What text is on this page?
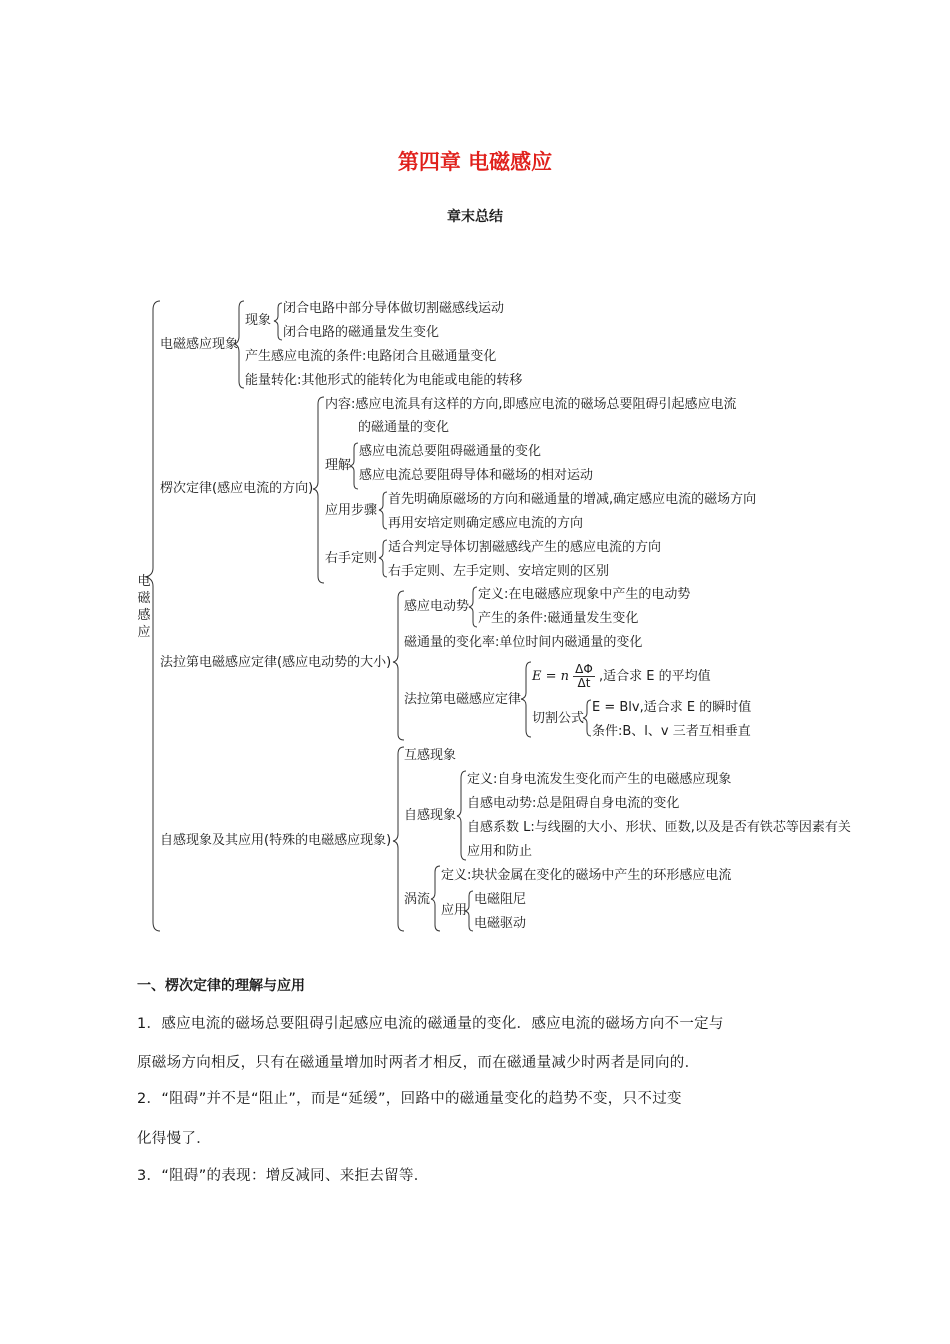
第四章 电磁感应
章末总结
电磁感应
电磁感应现象
现象
闭合电路中部分导体做切割磁感线运动
闭合电路的磁通量发生变化
产生感应电流的条件:电路闭合且磁通量变化
能量转化:其他形式的能转化为电能或电能的转移
楞次定律(感应电流的方向)
内容:感应电流具有这样的方向,即感应电流的磁场总要阻碍引起感应电流
的磁通量的变化
理解
感应电流总要阻碍磁通量的变化
感应电流总要阻碍导体和磁场的相对运动
应用步骤
首先明确原磁场的方向和磁通量的增减,确定感应电流的磁场方向
再用安培定则确定感应电流的方向
右手定则
适合判定导体切割磁感线产生的感应电流的方向
右手定则、左手定则、安培定则的区别
法拉第电磁感应定律(感应电动势的大小)
感应电动势
定义:在电磁感应现象中产生的电动势
产生的条件:磁通量发生变化
磁通量的变化率:单位时间内磁通量的变化
法拉第电磁感应定律
E = n $\frac{\Delta\Phi}{\Delta t}$ ,适合求 E 的平均值
切割公式
E = Blv,适合求 E 的瞬时值
条件:B、l、v 三者互相垂直
自感现象及其应用(特殊的电磁感应现象)
互感现象
自感现象
定义:自身电流发生变化而产生的电磁感应现象
自感电动势:总是阻碍自身电流的变化
自感系数 L:与线圈的大小、形状、匝数,以及是否有铁芯等因素有关
应用和防止
涡流
定义:块状金属在变化的磁场中产生的环形感应电流
应用
电磁阻尼
电磁驱动
一、楞次定律的理解与应用
1．感应电流的磁场总要阻碍引起感应电流的磁通量的变化．感应电流的磁场方向不一定与
原磁场方向相反，只有在磁通量增加时两者才相反，而在磁通量减少时两者是同向的．
2．“阻碍”并不是“阻止”，而是“延缓”，回路中的磁通量变化的趋势不变，只不过变
化得慢了．
3．“阻碍”的表现：增反减同、来拒去留等．
